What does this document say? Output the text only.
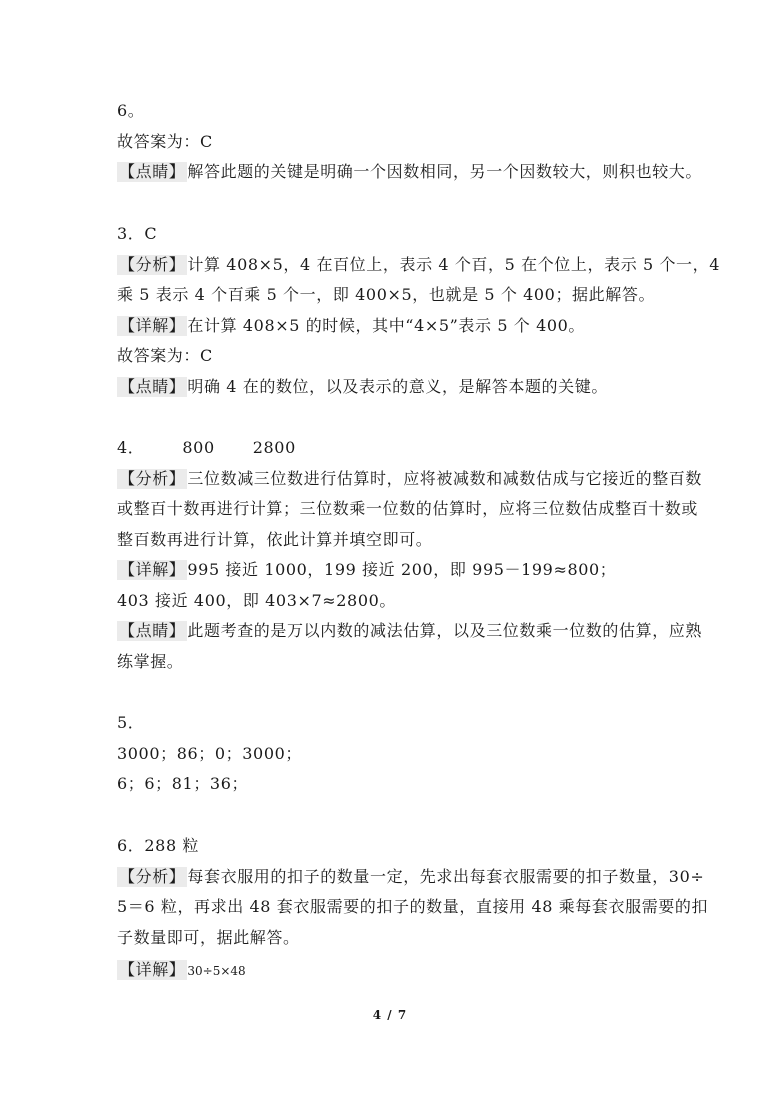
6。
故答案为：C
【点睛】 解答此题的关键是明确一个因数相同，另一个因数较大，则积也较大。
3．C
【分析】 计算 408×5，4 在百位上，表示 4 个百，5 在个位上，表示 5 个一，4
乘 5 表示 4 个百乘 5 个一，即 400×5，也就是 5 个 400；据此解答。
【详解】 在计算 408×5 的时候，其中“4×5”表示 5 个 400。
故答案为：C
【点睛】 明确 4 在的数位，以及表示的意义，是解答本题的关键。
4． 800 2800
【分析】 三位数减三位数进行估算时，应将被减数和减数估成与它接近的整百数
或整百十数再进行计算；三位数乘一位数的估算时，应将三位数估成整百十数或
整百数再进行计算，依此计算并填空即可。
【详解】 995 接近 1000，199 接近 200，即 995－199≈800；
403 接近 400，即 403×7≈2800。
【点睛】 此题考查的是万以内数的减法估算，以及三位数乘一位数的估算，应熟
练掌握。
5．
3000；86；0；3000；
6；6；81；36；
6．288 粒
【分析】 每套衣服用的扣子的数量一定，先求出每套衣服需要的扣子数量，30÷
5＝6 粒，再求出 48 套衣服需要的扣子的数量，直接用 48 乘每套衣服需要的扣
子数量即可，据此解答。
【详解】 30÷5×48
4 / 7
